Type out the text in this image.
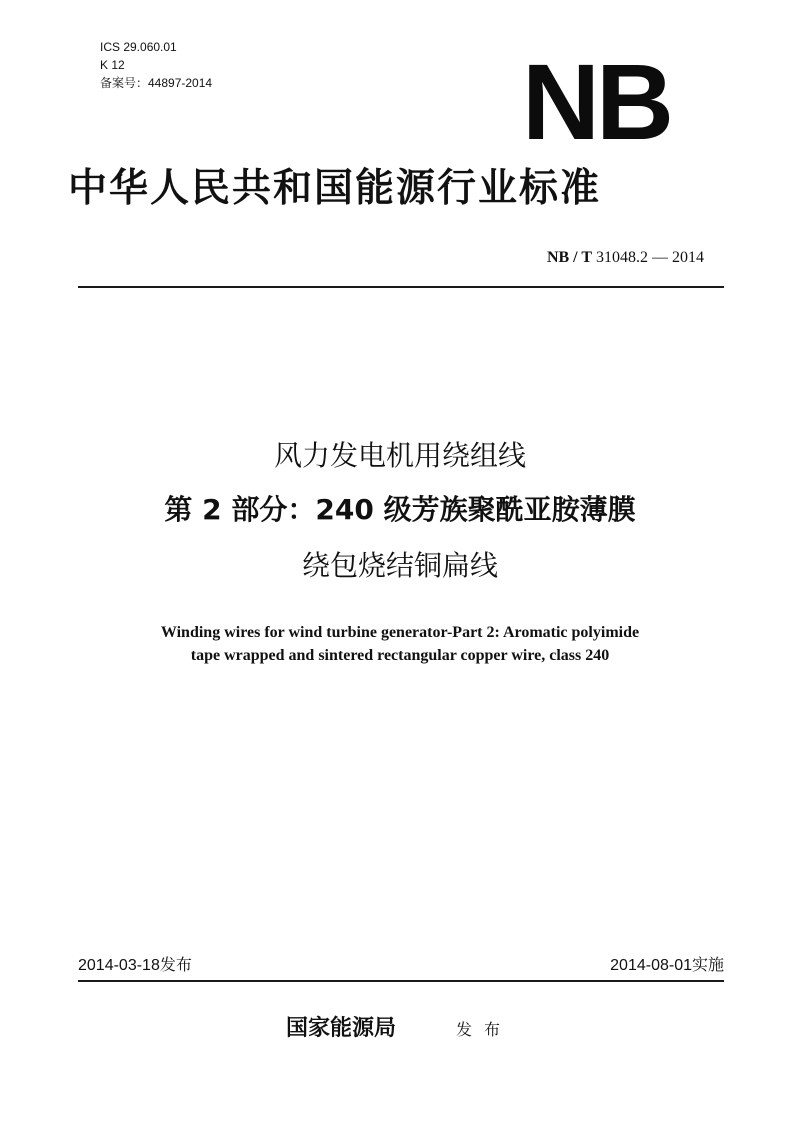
ICS 29.060.01
K 12
备案号：44897-2014	NB
中华人民共和国能源行业标准
NB / T 31048.2 — 2014
风力发电机用绕组线
第 2 部分：240 级芳族聚酰亚胺薄膜
绕包烧结铜扁线
Winding wires for wind turbine generator-Part 2: Aromatic polyimide
tape wrapped and sintered rectangular copper wire, class 240
2014-03-18发布	2014-08-01实施
国家能源局	发布
